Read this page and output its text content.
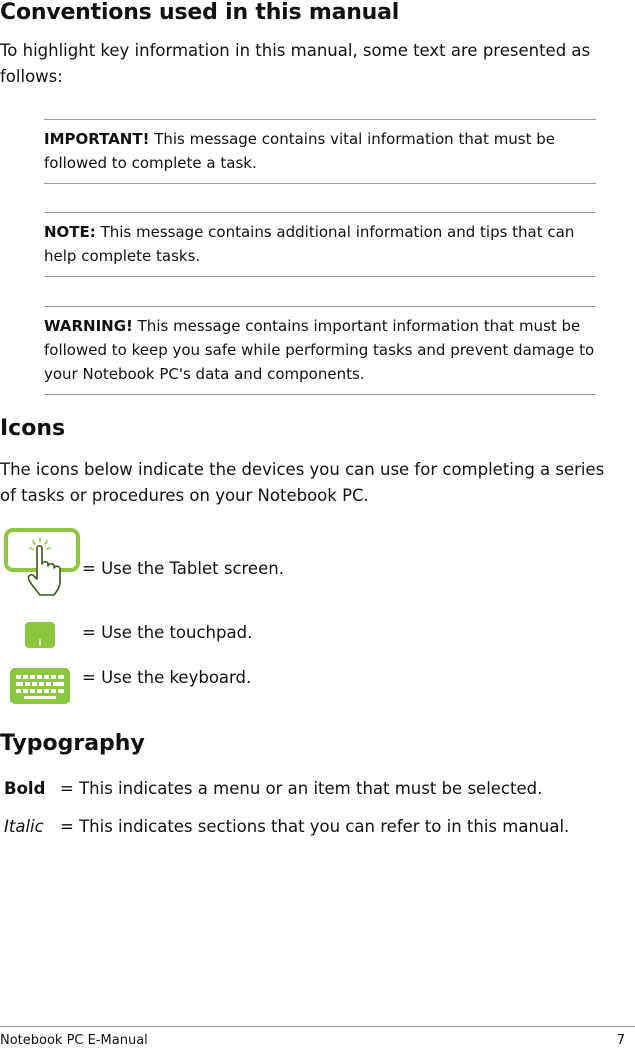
Conventions used in this manual

To highlight key information in this manual, some text are presented as follows:

IMPORTANT! This message contains vital information that must be followed to complete a task.
NOTE: This message contains additional information and tips that can help complete tasks.
WARNING! This message contains important information that must be followed to keep you safe while performing tasks and prevent damage to your Notebook PC's data and components.
Icons

The icons below indicate the devices you can use for completing a series of tasks or procedures on your Notebook PC.

= Use the Tablet screen.
= Use the touchpad.
= Use the keyboard.
Typography
Bold = This indicates a menu or an item that must be selected.
Italic = This indicates sections that you can refer to in this manual.
Notebook PC E-Manual	7
